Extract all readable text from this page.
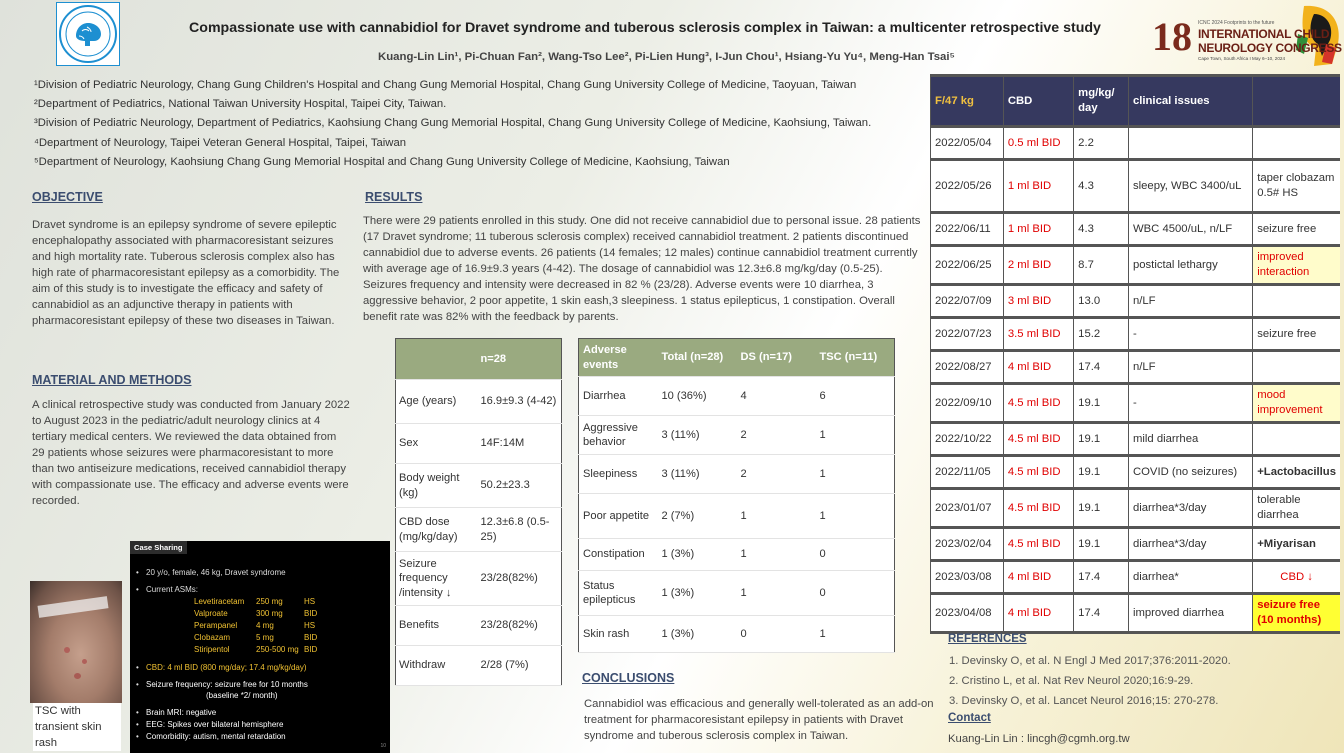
Compassionate use with cannabidiol for Dravet syndrome and tuberous sclerosis complex in Taiwan: a multicenter retrospective study
Kuang-Lin Lin¹, Pi-Chuan Fan², Wang-Tso Lee², Pi-Lien Hung³, I-Jun Chou¹, Hsiang-Yu Yu⁴, Meng-Han Tsai⁵	18 ICNC 2024 Footprints to the future
INTERNATIONAL CHILD
NEUROLOGY CONGRESS
Cape Town, South Africa I May 6–10, 2024
¹Division of Pediatric Neurology, Chang Gung Children's Hospital and Chang Gung Memorial Hospital, Chang Gung University College of Medicine, Taoyuan, Taiwan
²Department of Pediatrics, National Taiwan University Hospital, Taipei City, Taiwan.
³Division of Pediatric Neurology, Department of Pediatrics, Kaohsiung Chang Gung Memorial Hospital, Chang Gung University College of Medicine, Kaohsiung, Taiwan.
⁴Department of Neurology, Taipei Veteran General Hospital, Taipei, Taiwan
⁵Department of Neurology, Kaohsiung Chang Gung Memorial Hospital and Chang Gung University College of Medicine, Kaohsiung, Taiwan
OBJECTIVE
Dravet syndrome is an epilepsy syndrome of severe epileptic encephalopathy associated with pharmacoresistant seizures and high mortality rate. Tuberous sclerosis complex also has high rate of pharmacoresistant epilepsy as a comorbidity. The aim of this study is to investigate the efficacy and safety of cannabidiol as an adjunctive therapy in patients with pharmacoresistant epilepsy of these two diseases in Taiwan.
MATERIAL AND METHODS
A clinical retrospective study was conducted from January 2022 to August 2023 in the pediatric/adult neurology clinics at 4 tertiary medical centers. We reviewed the data obtained from 29 patients whose seizures were pharmacoresistant to more than two antiseizure medications, received cannabidiol therapy with compassionate use. The efficacy and adverse events were recorded.
RESULTS
There were 29 patients enrolled in this study. One did not receive cannabidiol due to personal issue. 28 patients (17 Dravet syndrome; 11 tuberous sclerosis complex) received cannabidiol treatment. 2 patients discontinued cannabidiol due to adverse events. 26 patients (14 females; 12 males) continue cannabidiol treatment currently with average age of 16.9±9.3 years (4-42). The dosage of cannabidiol was 12.3±6.8 mg/kg/day (0.5-25). Seizures frequency and intensity were decreased in 82 % (23/28). Adverse events were 10 diarrhea, 3 aggressive behavior, 2 poor appetite, 1 skin eash,3 sleepiness. 1 status epilepticus, 1 constipation. Overall benefit rate was 82% with the feedback by parents.
	n=28
Age (years)	16.9±9.3 (4-42)
Sex	14F:14M
Body weight (kg)	50.2±23.3
CBD dose (mg/kg/day)	12.3±6.8 (0.5-25)
Seizure frequency /intensity ↓	23/28(82%)
Benefits	23/28(82%)
Withdraw	2/28 (7%)
Adverse events	Total (n=28)	DS (n=17)	TSC (n=11)
Diarrhea	10 (36%)	4	6
Aggressive behavior	3 (11%)	2	1
Sleepiness	3 (11%)	2	1
Poor appetite	2 (7%)	1	1
Constipation	1 (3%)	1	0
Status epilepticus	1 (3%)	1	0
Skin rash	1 (3%)	0	1
F/47 kg	CBD	mg/kg/ day	clinical issues	
2022/05/04	0.5 ml BID	2.2		
2022/05/26	1 ml BID	4.3	sleepy, WBC 3400/uL	taper clobazam 0.5# HS
2022/06/11	1 ml BID	4.3	WBC 4500/uL, n/LF	seizure free
2022/06/25	2 ml BID	8.7	postictal lethargy	improved interaction
2022/07/09	3 ml BID	13.0	n/LF	
2022/07/23	3.5 ml BID	15.2	-	seizure free
2022/08/27	4 ml BID	17.4	n/LF	
2022/09/10	4.5 ml BID	19.1	-	mood improvement
2022/10/22	4.5 ml BID	19.1	mild diarrhea	
2022/11/05	4.5 ml BID	19.1	COVID (no seizures)	+Lactobacillus
2023/01/07	4.5 ml BID	19.1	diarrhea*3/day	tolerable diarrhea
2023/02/04	4.5 ml BID	19.1	diarrhea*3/day	+Miyarisan
2023/03/08	4 ml BID	17.4	diarrhea*	CBD ↓
2023/04/08	4 ml BID	17.4	improved diarrhea	seizure free (10 months)
TSC with transient skin rash
Case Sharing
• 20 y/o, female, 46 kg, Dravet syndrome
• Current ASMs:
Levetiracetam	250 mg	HS
Valproate	300 mg	BID
Perampanel	4 mg	HS
Clobazam	5 mg	BID
Stiripentol	250-500 mg BID
• CBD: 4 ml BID (800 mg/day; 17.4 mg/kg/day)
• Seizure frequency: seizure free for 10 months
(baseline *2/ month)
• Brain MRI: negative
• EEG: Spikes over bilateral hemisphere
• Comorbidity: autism, mental retardation
10
CONCLUSIONS
Cannabidiol was efficacious and generally well-tolerated as an add-on treatment for pharmacoresistant epilepsy in patients with Dravet syndrome and tuberous sclerosis complex in Taiwan.
REFERENCES
1. Devinsky O, et al. N Engl J Med 2017;376:2011-2020.
2. Cristino L, et al. Nat Rev Neurol 2020;16:9-29.
3. Devinsky O, et al. Lancet Neurol 2016;15: 270-278.
Contact
Kuang-Lin Lin : lincgh@cgmh.org.tw
